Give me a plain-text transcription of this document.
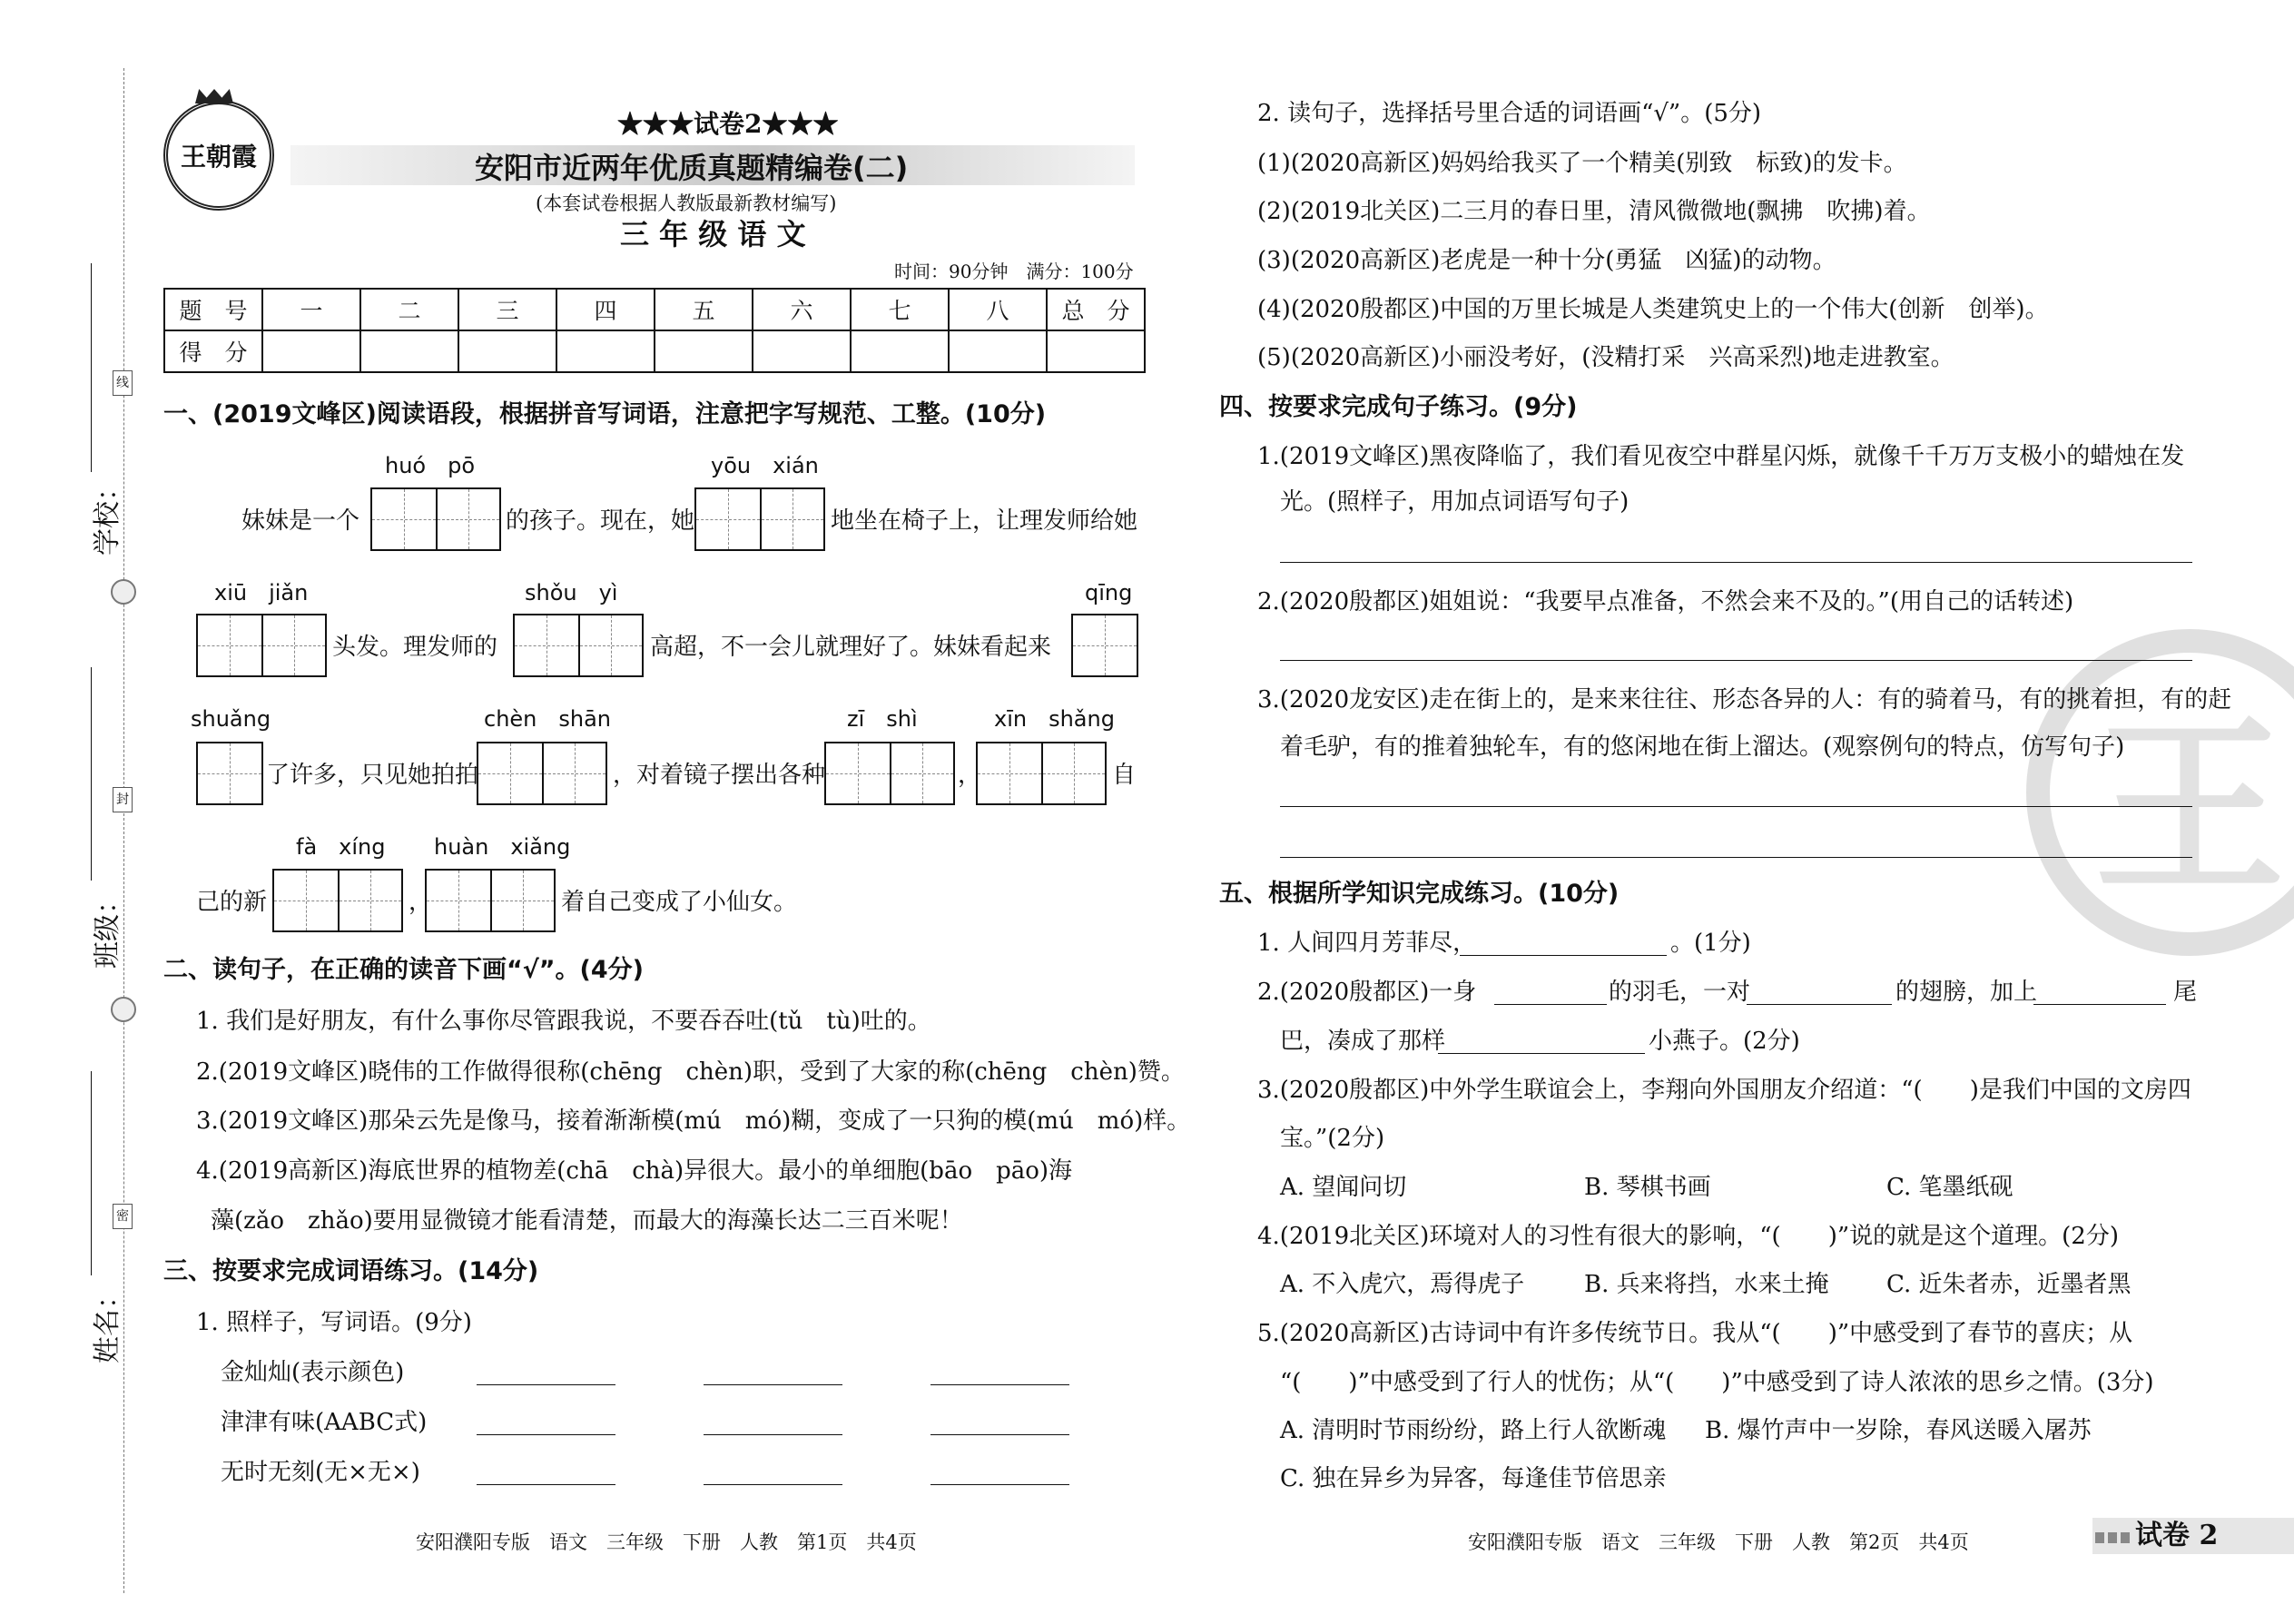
线
封
密
学校：
班级：
姓名：
王朝霞
★★★试卷2★★★
安阳市近两年优质真题精编卷(二)
(本套试卷根据人教版最新教材编写)
三 年 级 语 文
时间：90分钟　满分：100分
题　号	一	二	三	四	五	六	七	八	总　分
得　分									
一、(2019文峰区)阅读语段，根据拼音写词语，注意把字写规范、工整。(10分)
huó　pō	yōu　xián
妹妹是一个	的孩子。现在，她	地坐在椅子上，让理发师给她
xiū　jiǎn	shǒu　yì	qīng
头发。理发师的	高超，不一会儿就理好了。妹妹看起来
shuǎng	chèn　shān	zī　shì	xīn　shǎng
了许多，只见她拍拍	，对着镜子摆出各种	，	自
fà　xíng huàn　xiǎng
己的新	，	着自己变成了小仙女。
二、读句子，在正确的读音下画“√”。(4分)
1. 我们是好朋友，有什么事你尽管跟我说，不要吞吞吐(tǔ　tù)吐的。
2.(2019文峰区)晓伟的工作做得很称(chēng　chèn)职，受到了大家的称(chēng　chèn)赞。
3.(2019文峰区)那朵云先是像马，接着渐渐模(mú　mó)糊，变成了一只狗的模(mú　mó)样。
4.(2019高新区)海底世界的植物差(chā　chà)异很大。最小的单细胞(bāo　pāo)海
藻(zǎo　zhǎo)要用显微镜才能看清楚，而最大的海藻长达二三百米呢！
三、按要求完成词语练习。(14分)
1. 照样子，写词语。(9分)
金灿灿(表示颜色)
津津有味(AABC式)
无时无刻(无×无×)
安阳濮阳专版　语文　三年级　下册　人教　第1页　共4页
王
2. 读句子，选择括号里合适的词语画“√”。(5分)
(1)(2020高新区)妈妈给我买了一个精美(别致　标致)的发卡。
(2)(2019北关区)二三月的春日里，清风微微地(飘拂　吹拂)着。
(3)(2020高新区)老虎是一种十分(勇猛　凶猛)的动物。
(4)(2020殷都区)中国的万里长城是人类建筑史上的一个伟大(创新　创举)。
(5)(2020高新区)小丽没考好，(没精打采　兴高采烈)地走进教室。
四、按要求完成句子练习。(9分)
1.(2019文峰区)黑夜降临了，我们看见夜空中群星闪烁，就像千千万万支极小的蜡烛在发
光。(照样子，用加点词语写句子)
2.(2020殷都区)姐姐说：“我要早点准备，不然会来不及的。”(用自己的话转述)
3.(2020龙安区)走在街上的，是来来往往、形态各异的人：有的骑着马，有的挑着担，有的赶
着毛驴，有的推着独轮车，有的悠闲地在街上溜达。(观察例句的特点，仿写句子)
五、根据所学知识完成练习。(10分)
1. 人间四月芳菲尽，	。(1分)
2.(2020殷都区)一身	的羽毛，一对	的翅膀，加上	尾
巴，凑成了那样	小燕子。(2分)
3.(2020殷都区)中外学生联谊会上，李翔向外国朋友介绍道：“(　　)是我们中国的文房四
宝。”(2分)
A. 望闻问切	B. 琴棋书画	C. 笔墨纸砚
4.(2019北关区)环境对人的习性有很大的影响，“(　　)”说的就是这个道理。(2分)
A. 不入虎穴，焉得虎子	B. 兵来将挡，水来土掩 C. 近朱者赤，近墨者黑
5.(2020高新区)古诗词中有许多传统节日。我从“(　　)”中感受到了春节的喜庆；从
“(　　)”中感受到了行人的忧伤；从“(　　)”中感受到了诗人浓浓的思乡之情。(3分)
A. 清明时节雨纷纷，路上行人欲断魂 B. 爆竹声中一岁除，春风送暖入屠苏
C. 独在异乡为异客，每逢佳节倍思亲
安阳濮阳专版　语文　三年级　下册　人教　第2页　共4页	试卷 2
